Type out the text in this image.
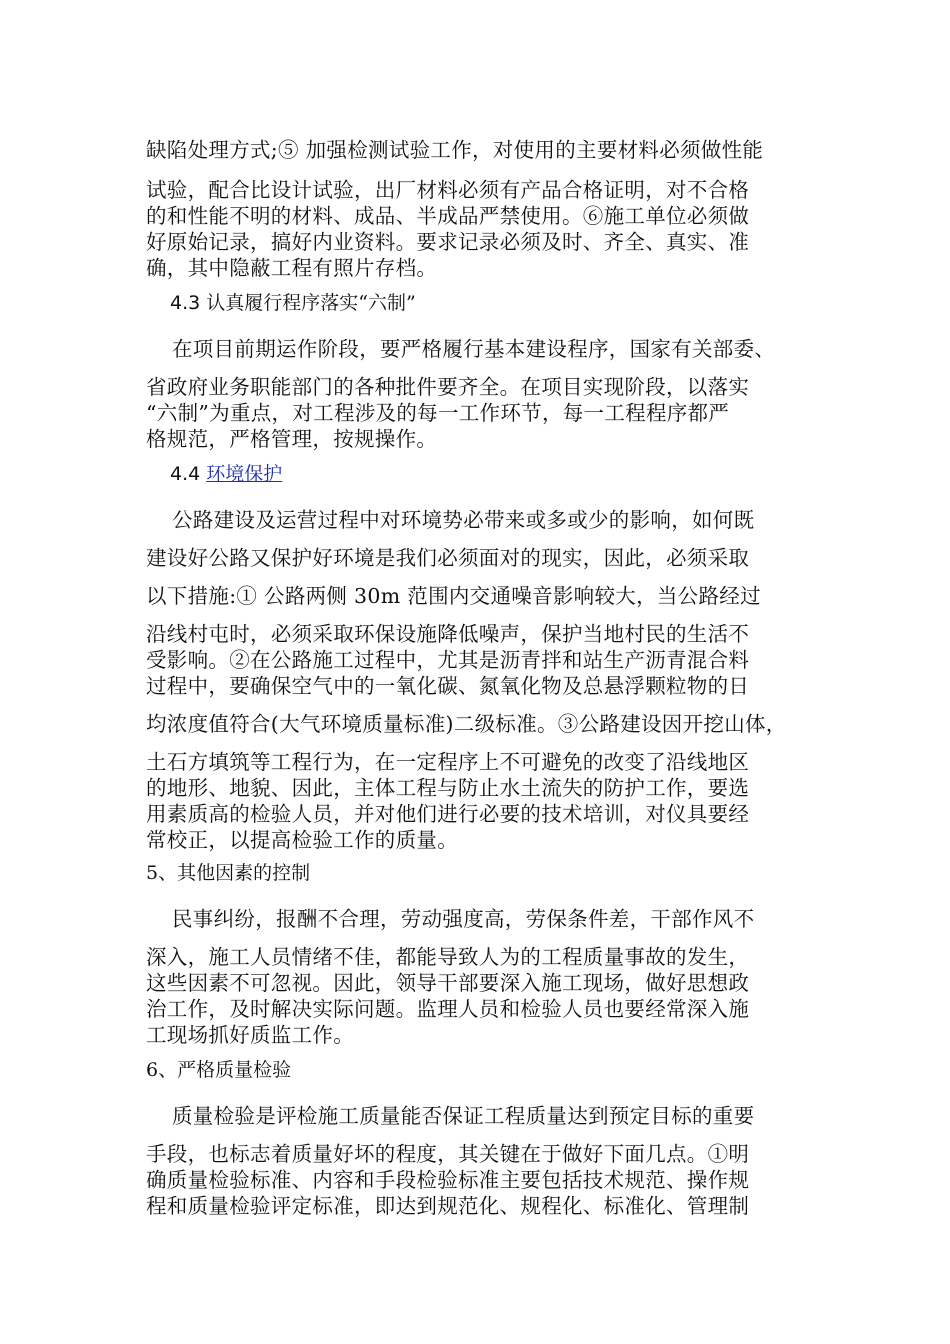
缺陷处理方式;⑤ 加强检测试验工作，对使用的主要材料必须做性能
试验，配合比设计试验，出厂材料必须有产品合格证明，对不合格
的和性能不明的材料、成品、半成品严禁使用。⑥施工单位必须做
好原始记录，搞好内业资料。要求记录必须及时、齐全、真实、准
确，其中隐蔽工程有照片存档。
4.3 认真履行程序落实“六制”
在项目前期运作阶段，要严格履行基本建设程序，国家有关部委、
省政府业务职能部门的各种批件要齐全。在项目实现阶段，以落实
“六制”为重点，对工程涉及的每一工作环节，每一工程程序都严
格规范，严格管理，按规操作。
4.4 环境保护
公路建设及运营过程中对环境势必带来或多或少的影响，如何既
建设好公路又保护好环境是我们必须面对的现实，因此，必须采取
以下措施:① 公路两侧 30m 范围内交通噪音影响较大，当公路经过
沿线村屯时，必须采取环保设施降低噪声，保护当地村民的生活不
受影响。②在公路施工过程中，尤其是沥青拌和站生产沥青混合料
过程中，要确保空气中的一氧化碳、氮氧化物及总悬浮颗粒物的日
均浓度值符合(大气环境质量标准)二级标准。③公路建设因开挖山体，
土石方填筑等工程行为，在一定程序上不可避免的改变了沿线地区
的地形、地貌、因此，主体工程与防止水土流失的防护工作，要选
用素质高的检验人员，并对他们进行必要的技术培训，对仪具要经
常校正，以提高检验工作的质量。
5、其他因素的控制
民事纠纷，报酬不合理，劳动强度高，劳保条件差，干部作风不
深入，施工人员情绪不佳，都能导致人为的工程质量事故的发生，
这些因素不可忽视。因此，领导干部要深入施工现场，做好思想政
治工作，及时解决实际问题。监理人员和检验人员也要经常深入施
工现场抓好质监工作。
6、严格质量检验
质量检验是评检施工质量能否保证工程质量达到预定目标的重要
手段，也标志着质量好坏的程度，其关键在于做好下面几点。①明
确质量检验标准、内容和手段检验标准主要包括技术规范、操作规
程和质量检验评定标准，即达到规范化、规程化、标准化、管理制
